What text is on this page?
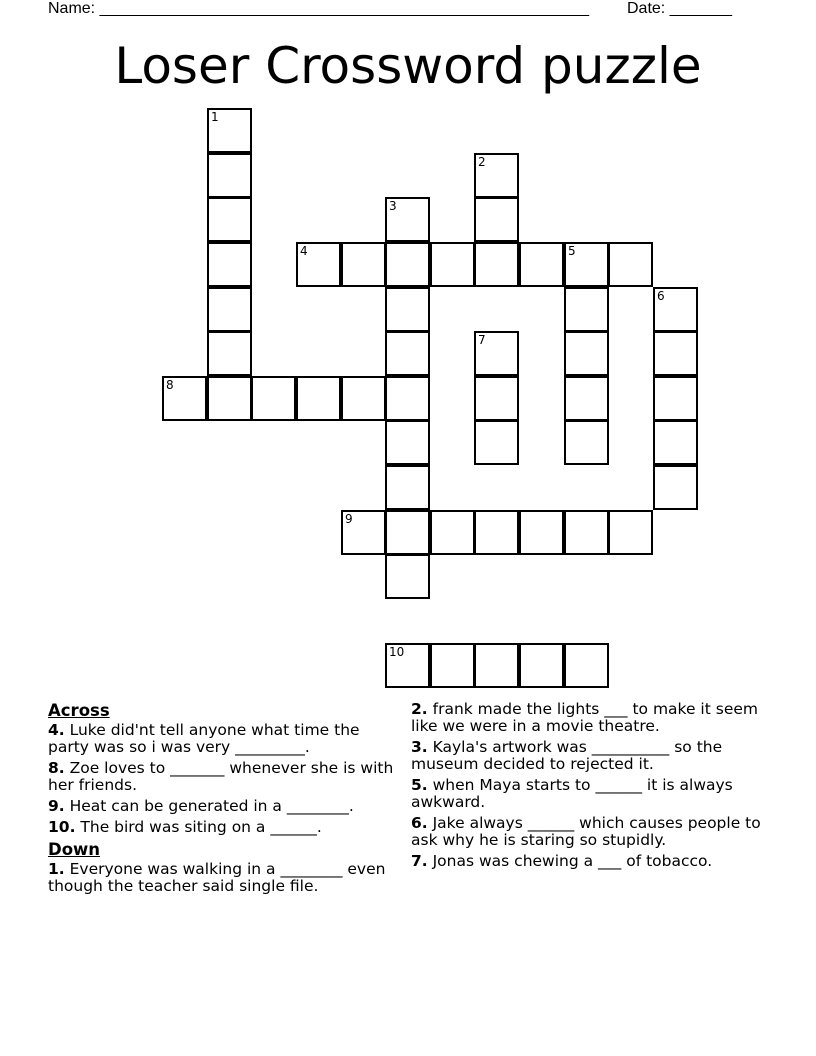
Name: _______________________________________________________ Date: _______
Loser Crossword puzzle
1
8
2
3
4	5
6
7
9
10
Across
4. Luke did'nt tell anyone what time the party was so i was very _________.
8. Zoe loves to _______ whenever she is with her friends.
9. Heat can be generated in a ________.
10. The bird was siting on a ______.
Down
1. Everyone was walking in a ________ even though the teacher said single file.
2. frank made the lights ___ to make it seem like we were in a movie theatre.
3. Kayla's artwork was __________ so the museum decided to rejected it.
5. when Maya starts to ______ it is always awkward.
6. Jake always ______ which causes people to ask why he is staring so stupidly.
7. Jonas was chewing a ___ of tobacco.
